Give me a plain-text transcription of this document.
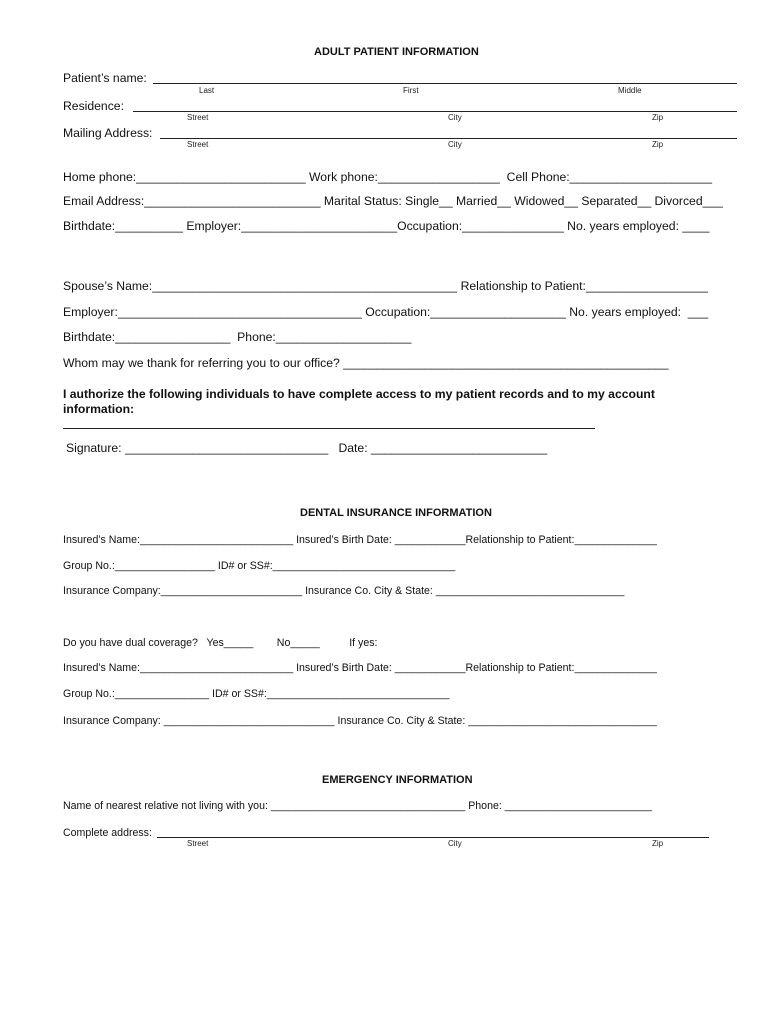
ADULT PATIENT INFORMATION
Patient’s name:
Last	First	Middle
Residence:
Street	City	Zip
Mailing Address:
Street	City	Zip
Home phone:_________________________ Work phone:__________________  Cell Phone:_____________________
Email Address:__________________________ Marital Status: Single__ Married__ Widowed__ Separated__ Divorced___
Birthdate:__________ Employer:_______________________Occupation:_______________ No. years employed: ____
Spouse’s Name:_____________________________________________ Relationship to Patient:__________________
Employer:____________________________________ Occupation:____________________ No. years employed:  ___
Birthdate:_________________  Phone:____________________
Whom may we thank for referring you to our office? ________________________________________________
I authorize the following individuals to have complete access to my patient records and to my account information:
Signature: ______________________________   Date: __________________________
DENTAL INSURANCE INFORMATION
Insured’s Name:__________________________ Insured’s Birth Date: ____________Relationship to Patient:______________
Group No.:_________________ ID# or SS#:_______________________________
Insurance Company:________________________ Insurance Co. City & State: ________________________________
Do you have dual coverage?   Yes_____        No_____          If yes:
Insured’s Name:__________________________ Insured’s Birth Date: ____________Relationship to Patient:______________
Group No.:________________ ID# or SS#:_______________________________
Insurance Company: _____________________________ Insurance Co. City & State: ________________________________
EMERGENCY INFORMATION
Name of nearest relative not living with you: _________________________________ Phone: _________________________
Complete address:
Street	City	Zip
